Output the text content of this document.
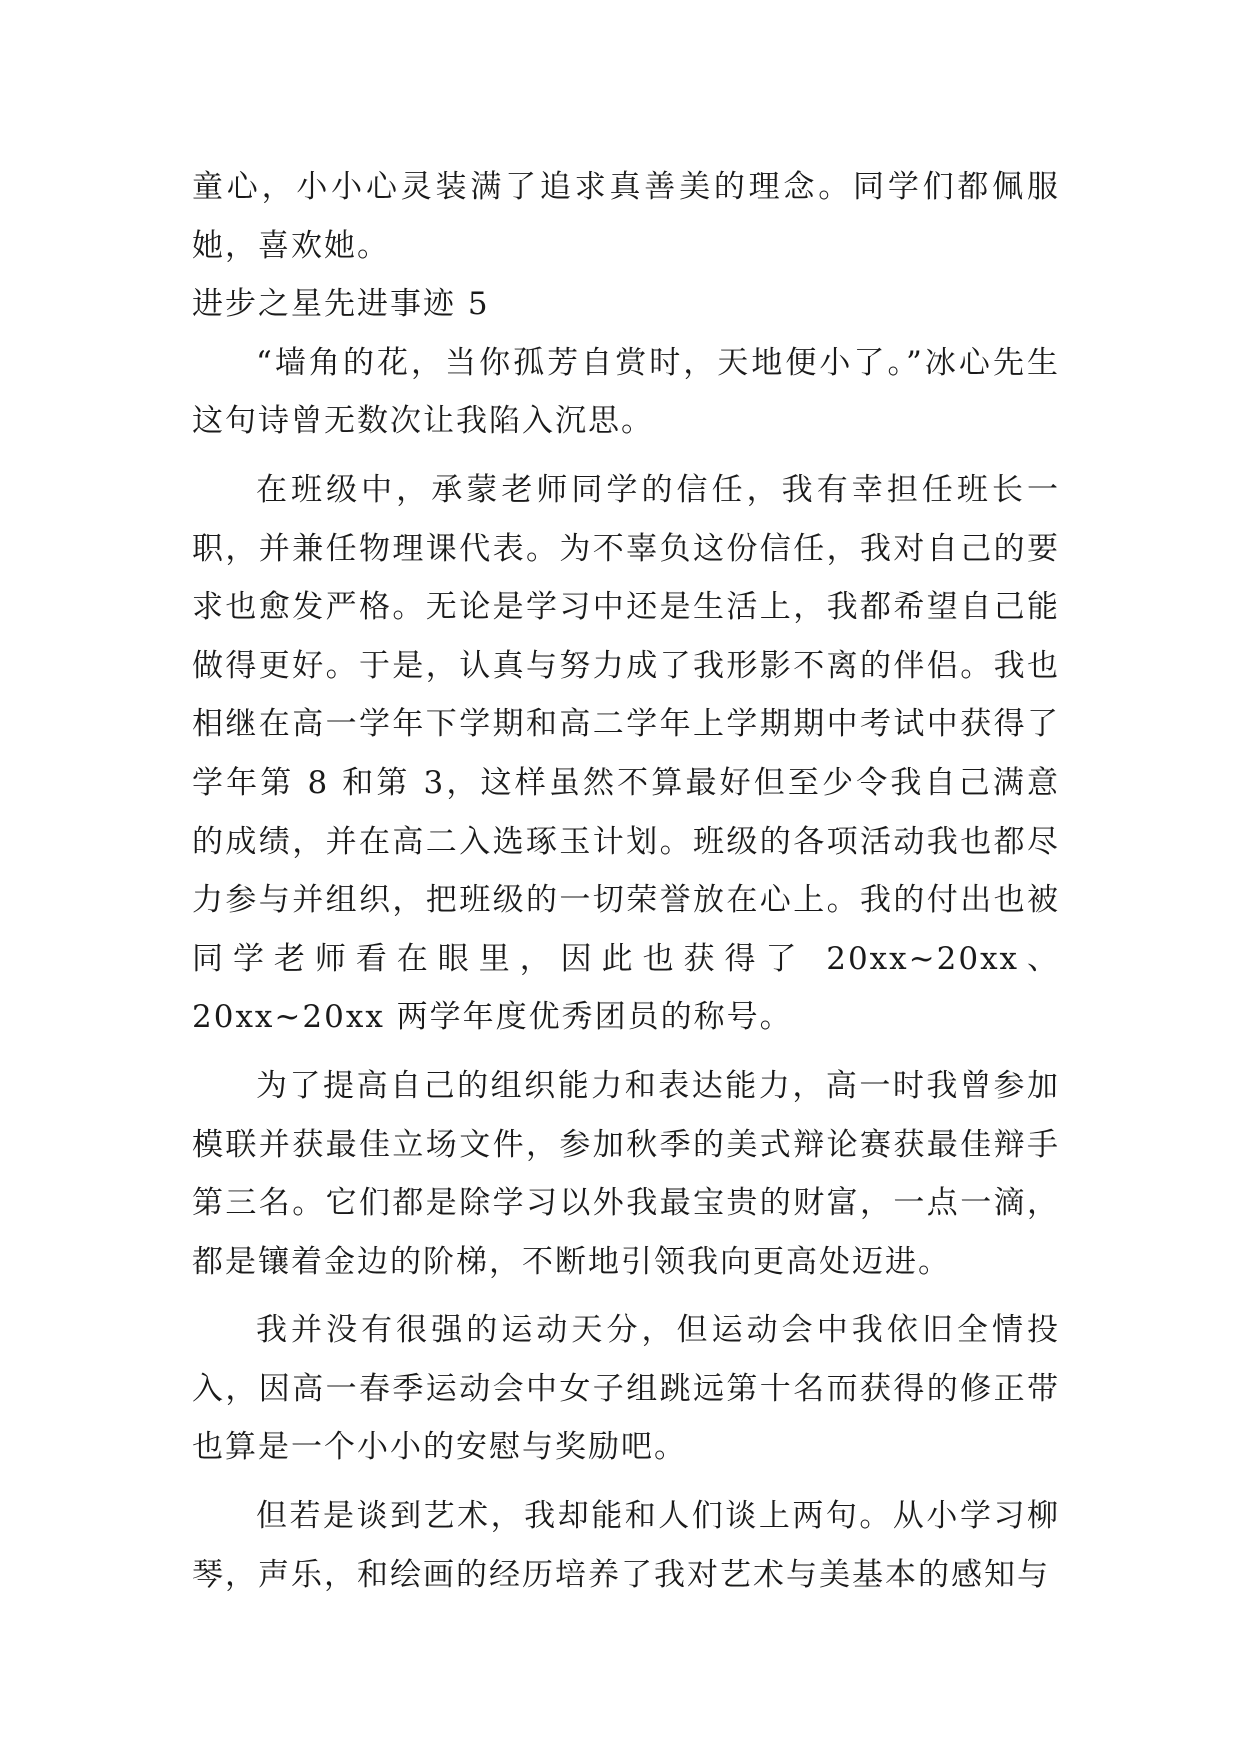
童心，小小心灵装满了追求真善美的理念。同学们都佩服她，喜欢她。

进步之星先进事迹 5

“墙角的花，当你孤芳自赏时，天地便小了。”冰心先生这句诗曾无数次让我陷入沉思。

在班级中，承蒙老师同学的信任，我有幸担任班长一职，并兼任物理课代表。为不辜负这份信任，我对自己的要求也愈发严格。无论是学习中还是生活上，我都希望自己能做得更好。于是，认真与努力成了我形影不离的伴侣。我也相继在高一学年下学期和高二学年上学期期中考试中获得了学年第 8 和第 3，这样虽然不算最好但至少令我自己满意的成绩，并在高二入选琢玉计划。班级的各项活动我也都尽力参与并组织，把班级的一切荣誉放在心上。我的付出也被同学老师看在眼里，因此也获得了 20xx~20xx、20xx~20xx 两学年度优秀团员的称号。

为了提高自己的组织能力和表达能力，高一时我曾参加模联并获最佳立场文件，参加秋季的美式辩论赛获最佳辩手第三名。它们都是除学习以外我最宝贵的财富，一点一滴，都是镶着金边的阶梯，不断地引领我向更高处迈进。

我并没有很强的运动天分，但运动会中我依旧全情投入，因高一春季运动会中女子组跳远第十名而获得的修正带也算是一个小小的安慰与奖励吧。

但若是谈到艺术，我却能和人们谈上两句。从小学习柳琴，声乐，和绘画的经历培养了我对艺术与美基本的感知与
